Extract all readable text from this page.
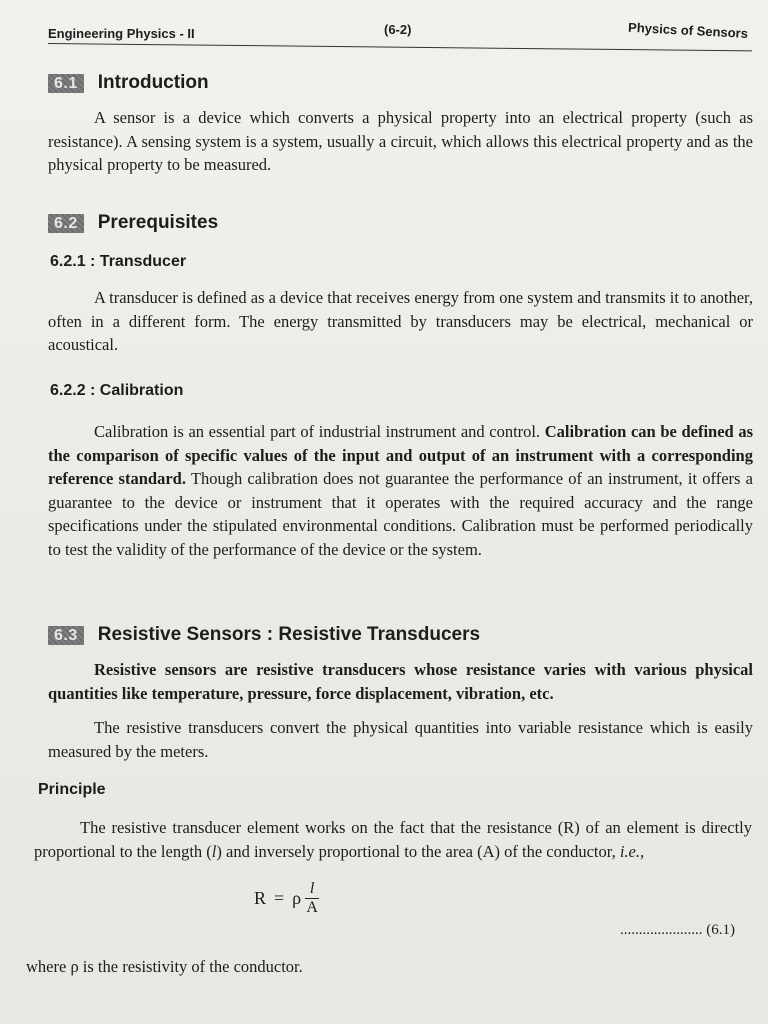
Engineering Physics - II	(6-2)	Physics of Sensors
6.1	Introduction
A sensor is a device which converts a physical property into an electrical property (such as resistance). A sensing system is a system, usually a circuit, which allows this electrical property and as the physical property to be measured.
6.2	Prerequisites
6.2.1 : Transducer
A transducer is defined as a device that receives energy from one system and transmits it to another, often in a different form. The energy transmitted by transducers may be electrical, mechanical or acoustical.
6.2.2 : Calibration
Calibration is an essential part of industrial instrument and control. Calibration can be defined as the comparison of specific values of the input and output of an instrument with a corresponding reference standard. Though calibration does not guarantee the performance of an instrument, it offers a guarantee to the device or instrument that it operates with the required accuracy and the range specifications under the stipulated environmental conditions. Calibration must be performed periodically to test the validity of the performance of the device or the system.
6.3	Resistive Sensors : Resistive Transducers
Resistive sensors are resistive transducers whose resistance varies with various physical quantities like temperature, pressure, force displacement, vibration, etc.
The resistive transducers convert the physical quantities into variable resistance which is easily measured by the meters.
Principle
The resistive transducer element works on the fact that the resistance (R) of an element is directly proportional to the length (l) and inversely proportional to the area (A) of the conductor, i.e.,
R = ρ $\frac{l}{A}$
...................... (6.1)
where ρ is the resistivity of the conductor.
